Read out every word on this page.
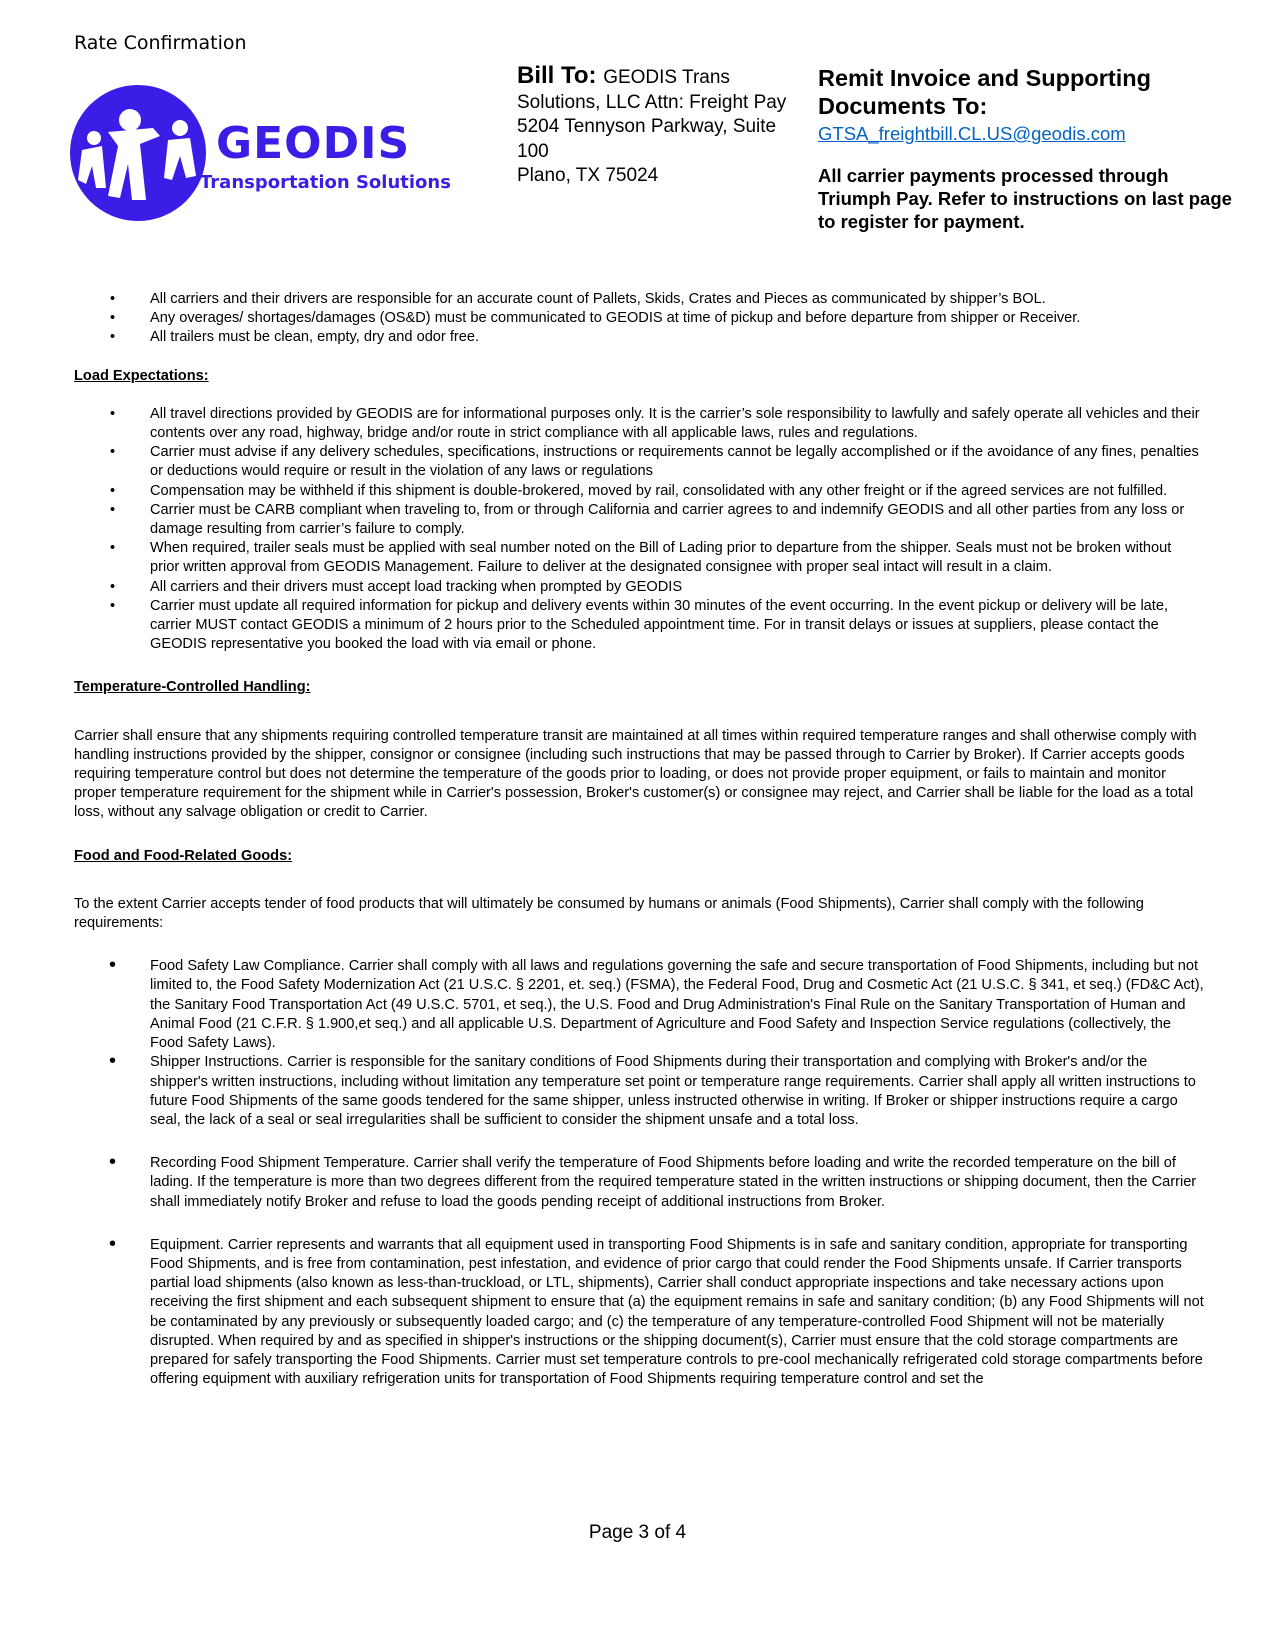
Rate Confirmation
GEODIS
Transportation Solutions
Bill To: GEODIS Trans Solutions, LLC Attn: Freight Pay
5204 Tennyson Parkway, Suite 100
Plano, TX 75024
Remit Invoice and Supporting Documents To:
GTSA_freightbill.CL.US@geodis.com
All carrier payments processed through Triumph Pay. Refer to instructions on last page to register for payment.
• All carriers and their drivers are responsible for an accurate count of Pallets, Skids, Crates and Pieces as communicated by shipper’s BOL.
• Any overages/ shortages/damages (OS&D) must be communicated to GEODIS at time of pickup and before departure from shipper or Receiver.
• All trailers must be clean, empty, dry and odor free.

Load Expectations:

• All travel directions provided by GEODIS are for informational purposes only. It is the carrier’s sole responsibility to lawfully and safely operate all vehicles and their contents over any road, highway, bridge and/or route in strict compliance with all applicable laws, rules and regulations.
• Carrier must advise if any delivery schedules, specifications, instructions or requirements cannot be legally accomplished or if the avoidance of any fines, penalties or deductions would require or result in the violation of any laws or regulations
• Compensation may be withheld if this shipment is double-brokered, moved by rail, consolidated with any other freight or if the agreed services are not fulfilled.
• Carrier must be CARB compliant when traveling to, from or through California and carrier agrees to and indemnify GEODIS and all other parties from any loss or damage resulting from carrier’s failure to comply.
• When required, trailer seals must be applied with seal number noted on the Bill of Lading prior to departure from the shipper. Seals must not be broken without prior written approval from GEODIS Management. Failure to deliver at the designated consignee with proper seal intact will result in a claim.
• All carriers and their drivers must accept load tracking when prompted by GEODIS
• Carrier must update all required information for pickup and delivery events within 30 minutes of the event occurring. In the event pickup or delivery will be late, carrier MUST contact GEODIS a minimum of 2 hours prior to the Scheduled appointment time. For in transit delays or issues at suppliers, please contact the GEODIS representative you booked the load with via email or phone.

Temperature-Controlled Handling:

Carrier shall ensure that any shipments requiring controlled temperature transit are maintained at all times within required temperature ranges and shall otherwise comply with handling instructions provided by the shipper, consignor or consignee (including such instructions that may be passed through to Carrier by Broker). If Carrier accepts goods requiring temperature control but does not determine the temperature of the goods prior to loading, or does not provide proper equipment, or fails to maintain and monitor proper temperature requirement for the shipment while in Carrier's possession, Broker's customer(s) or consignee may reject, and Carrier shall be liable for the load as a total loss, without any salvage obligation or credit to Carrier.

Food and Food-Related Goods:

To the extent Carrier accepts tender of food products that will ultimately be consumed by humans or animals (Food Shipments), Carrier shall comply with the following requirements:

• Food Safety Law Compliance. Carrier shall comply with all laws and regulations governing the safe and secure transportation of Food Shipments, including but not limited to, the Food Safety Modernization Act (21 U.S.C. § 2201, et. seq.) (FSMA), the Federal Food, Drug and Cosmetic Act (21 U.S.C. § 341, et seq.) (FD&C Act), the Sanitary Food Transportation Act (49 U.S.C. 5701, et seq.), the U.S. Food and Drug Administration's Final Rule on the Sanitary Transportation of Human and Animal Food (21 C.F.R. § 1.900,et seq.) and all applicable U.S. Department of Agriculture and Food Safety and Inspection Service regulations (collectively, the Food Safety Laws).
• Shipper Instructions. Carrier is responsible for the sanitary conditions of Food Shipments during their transportation and complying with Broker's and/or the shipper's written instructions, including without limitation any temperature set point or temperature range requirements. Carrier shall apply all written instructions to future Food Shipments of the same goods tendered for the same shipper, unless instructed otherwise in writing. If Broker or shipper instructions require a cargo seal, the lack of a seal or seal irregularities shall be sufficient to consider the shipment unsafe and a total loss.
• Recording Food Shipment Temperature. Carrier shall verify the temperature of Food Shipments before loading and write the recorded temperature on the bill of lading. If the temperature is more than two degrees different from the required temperature stated in the written instructions or shipping document, then the Carrier shall immediately notify Broker and refuse to load the goods pending receipt of additional instructions from Broker.
• Equipment. Carrier represents and warrants that all equipment used in transporting Food Shipments is in safe and sanitary condition, appropriate for transporting Food Shipments, and is free from contamination, pest infestation, and evidence of prior cargo that could render the Food Shipments unsafe. If Carrier transports partial load shipments (also known as less-than-truckload, or LTL, shipments), Carrier shall conduct appropriate inspections and take necessary actions upon receiving the first shipment and each subsequent shipment to ensure that (a) the equipment remains in safe and sanitary condition; (b) any Food Shipments will not be contaminated by any previously or subsequently loaded cargo; and (c) the temperature of any temperature-controlled Food Shipment will not be materially disrupted. When required by and as specified in shipper's instructions or the shipping document(s), Carrier must ensure that the cold storage compartments are prepared for safely transporting the Food Shipments. Carrier must set temperature controls to pre-cool mechanically refrigerated cold storage compartments before offering equipment with auxiliary refrigeration units for transportation of Food Shipments requiring temperature control and set the
Page 3 of 4
